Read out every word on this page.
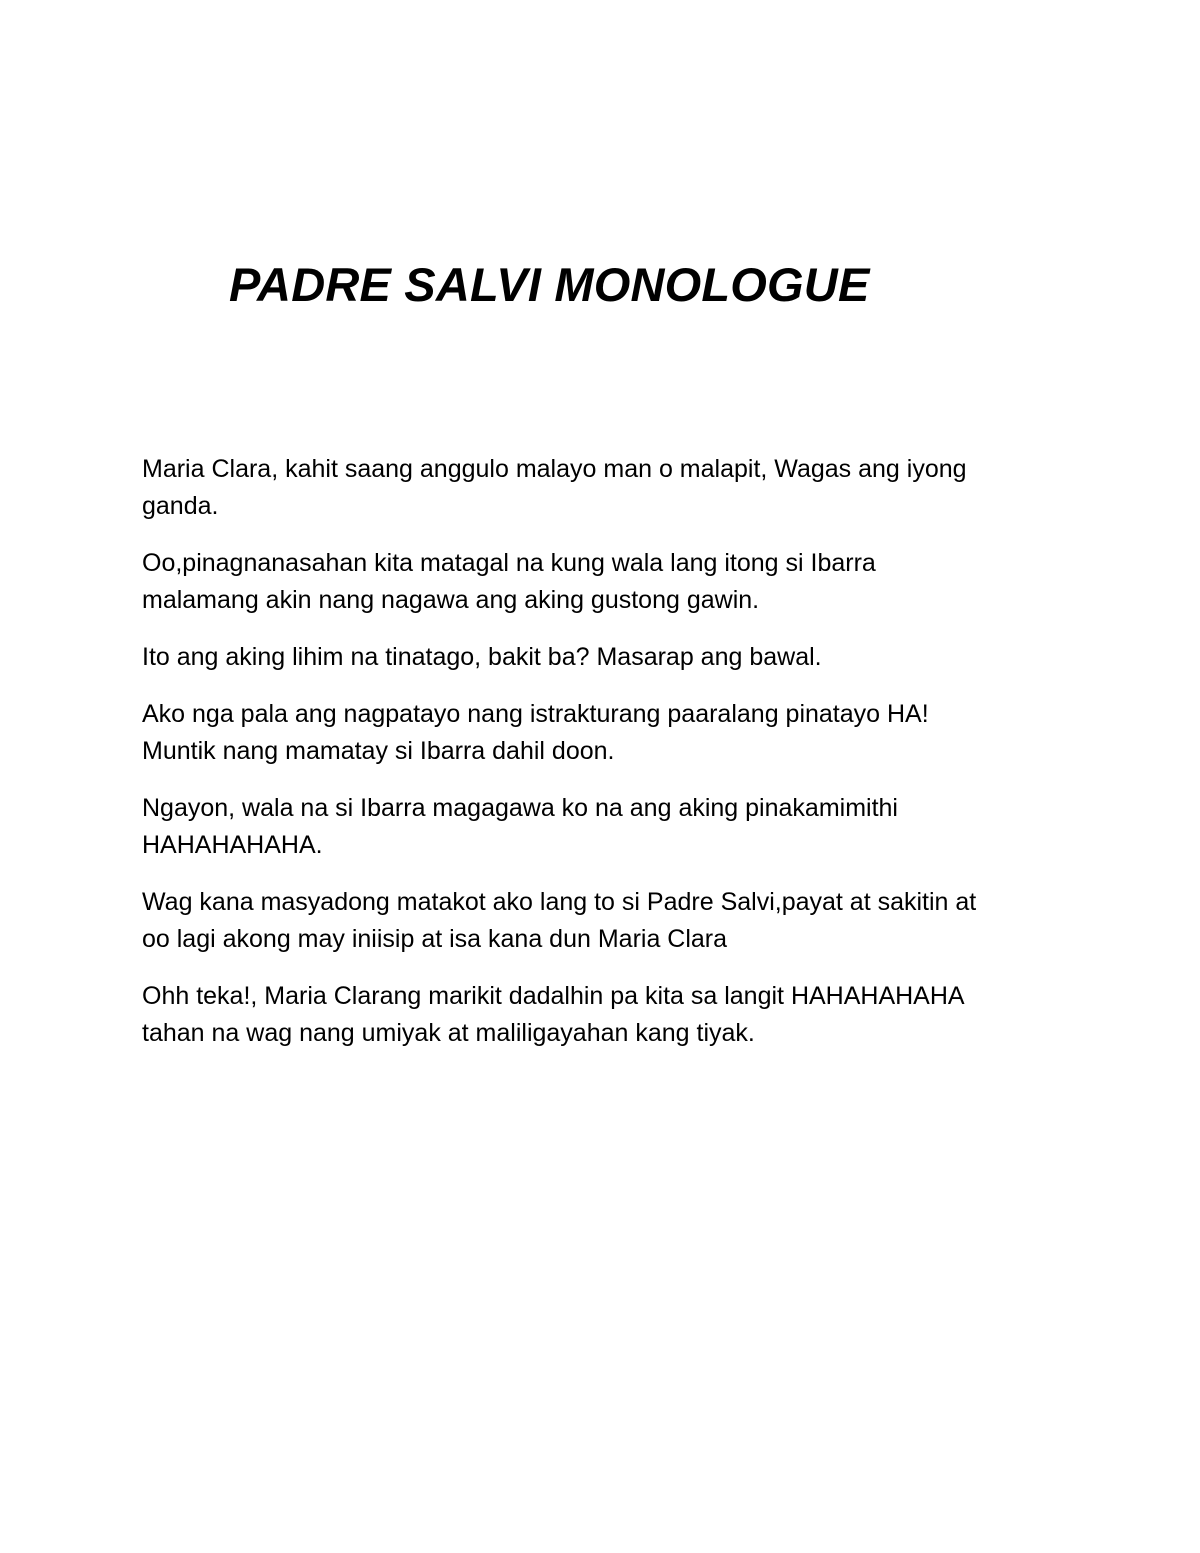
PADRE SALVI MONOLOGUE

Maria Clara, kahit saang anggulo malayo man o malapit, Wagas ang iyong
ganda.

Oo,pinagnanasahan kita matagal na kung wala lang itong si Ibarra
malamang akin nang nagawa ang aking gustong gawin.

Ito ang aking lihim na tinatago, bakit ba? Masarap ang bawal.

Ako nga pala ang nagpatayo nang istrakturang paaralang pinatayo HA!
Muntik nang mamatay si Ibarra dahil doon.

Ngayon, wala na si Ibarra magagawa ko na ang aking pinakamimithi
HAHAHAHAHA.

Wag kana masyadong matakot ako lang to si Padre Salvi,payat at sakitin at
oo lagi akong may iniisip at isa kana dun Maria Clara

Ohh teka!, Maria Clarang marikit dadalhin pa kita sa langit HAHAHAHAHA
tahan na wag nang umiyak at maliligayahan kang tiyak.
